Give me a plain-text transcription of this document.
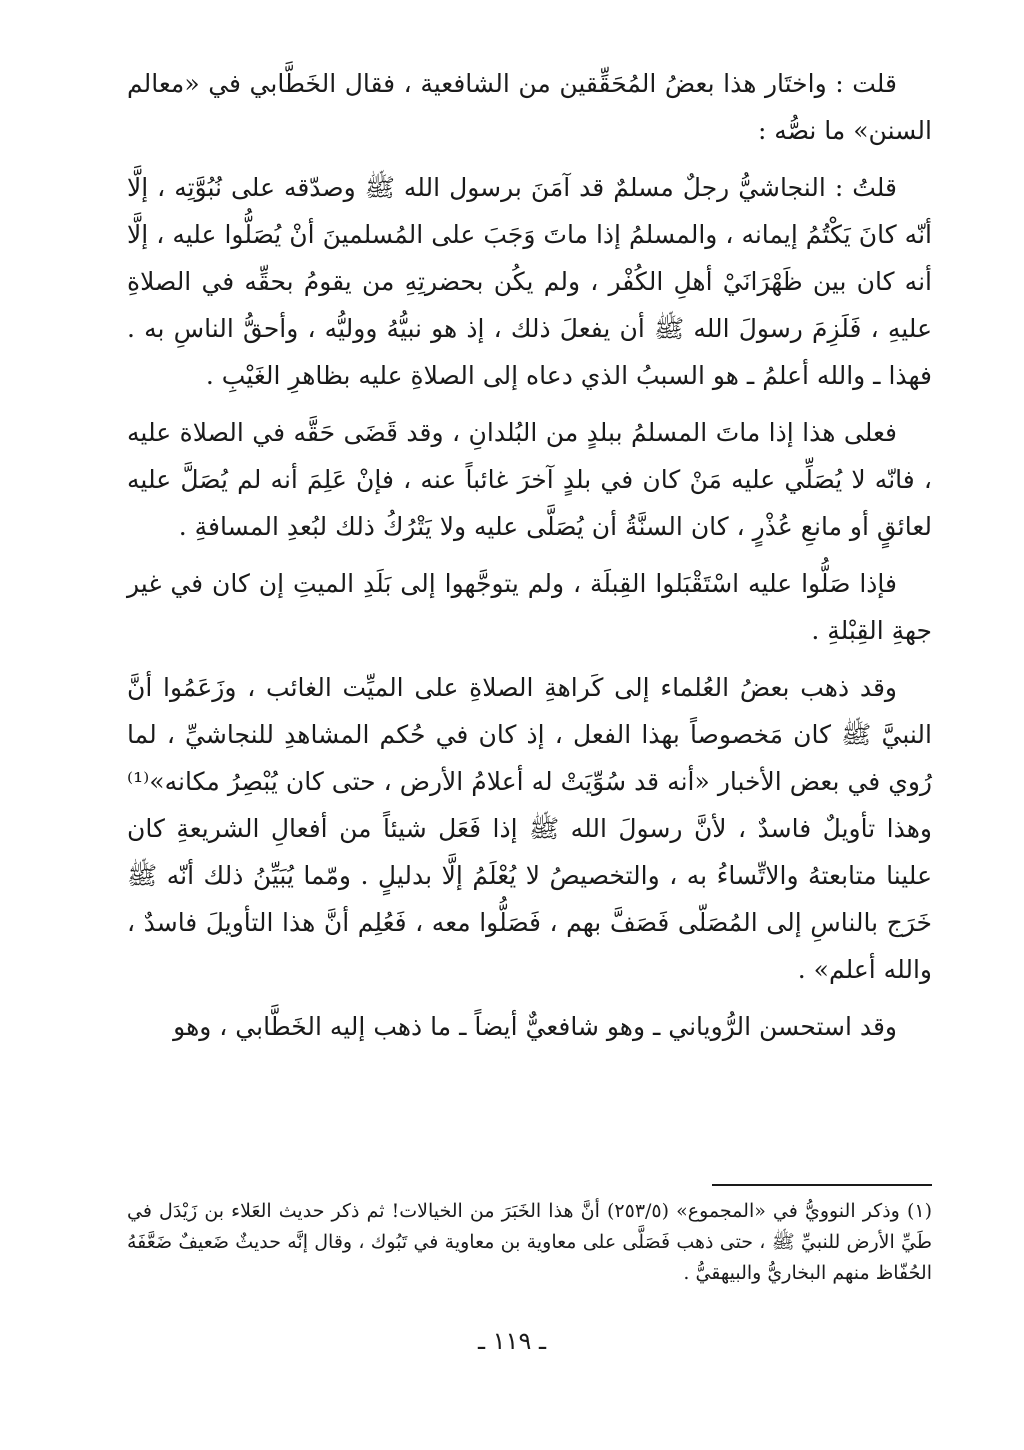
قلت : واختَار هذا بعضُ المُحَقِّقين من الشافعية ، فقال الخَطَّابي في «معالم السنن» ما نصُّه :

قلتُ : النجاشيُّ رجلٌ مسلمٌ قد آمَنَ برسول الله ﷺ وصدّقه على نُبُوَّتِه ، إلَّا أنّه كانَ يَكْتُمُ إيمانه ، والمسلمُ إذا ماتَ وَجَبَ على المُسلمينَ أنْ يُصَلُّوا عليه ، إلَّا أنه كان بين ظَهْرَانَيْ أهلِ الكُفْر ، ولم يكُن بحضرتِهِ من يقومُ بحقِّه في الصلاةِ عليهِ ، فَلَزِمَ رسولَ الله ﷺ أن يفعلَ ذلك ، إذ هو نبيُّهُ ووليُّه ، وأحقُّ الناسِ به . فهذا ـ والله أعلمُ ـ هو السببُ الذي دعاه إلى الصلاةِ عليه بظاهرِ الغَيْبِ .

فعلى هذا إذا ماتَ المسلمُ ببلدٍ من البُلدانِ ، وقد قَضَى حَقَّه في الصلاة عليه ، فانّه لا يُصَلِّي عليه مَنْ كان في بلدٍ آخرَ غائباً عنه ، فإنْ عَلِمَ أنه لم يُصَلَّ عليه لعائقٍ أو مانعِ عُذْرٍ ، كان السنَّةُ أن يُصَلَّى عليه ولا يَتْرُكُ ذلك لبُعدِ المسافةِ .

فإذا صَلُّوا عليه اسْتَقْبَلوا القِبلَة ، ولم يتوجَّهوا إلى بَلَدِ الميتِ إن كان في غير جهةِ القِبْلةِ .

وقد ذهب بعضُ العُلماء إلى كَراهةِ الصلاةِ على الميِّت الغائب ، وزَعَمُوا أنَّ النبيَّ ﷺ كان مَخصوصاً بهذا الفعل ، إذ كان في حُكم المشاهدِ للنجاشيِّ ، لما رُوي في بعض الأخبار «أنه قد سُوِّيَتْ له أعلامُ الأرض ، حتى كان يُبْصِرُ مكانه»⁽¹⁾ وهذا تأويلٌ فاسدٌ ، لأنَّ رسولَ الله ﷺ إذا فَعَل شيئاً من أفعالِ الشريعةِ كان علينا متابعتهُ والاتِّساءُ به ، والتخصيصُ لا يُعْلَمُ إلَّا بدليلٍ . ومّما يُبَيِّنُ ذلك أنّه ﷺ خَرَج بالناسِ إلى المُصَلّى فَصَفَّ بهم ، فَصَلُّوا معه ، فَعُلِم أنَّ هذا التأويلَ فاسدٌ ، والله أعلم» .

وقد استحسن الرُّوياني ـ وهو شافعيٌّ أيضاً ـ ما ذهب إليه الخَطَّابي ، وهو

(١) وذكر النوويُّ في «المجموع» (٢٥٣/٥) أنَّ هذا الخَبَرَ من الخيالات! ثم ذكر حديث العَلاء بن زَيْدَل في طَيِّ الأرض للنبيِّ ﷺ ، حتى ذهب فَصَلَّى على معاوية بن معاوية في تَبُوك ، وقال إنَّه حديثٌ ضَعيفٌ ضَعَّفَهُ الحُفّاظ منهم البخاريُّ والبيهقيُّ .

ـ ١١٩ ـ
